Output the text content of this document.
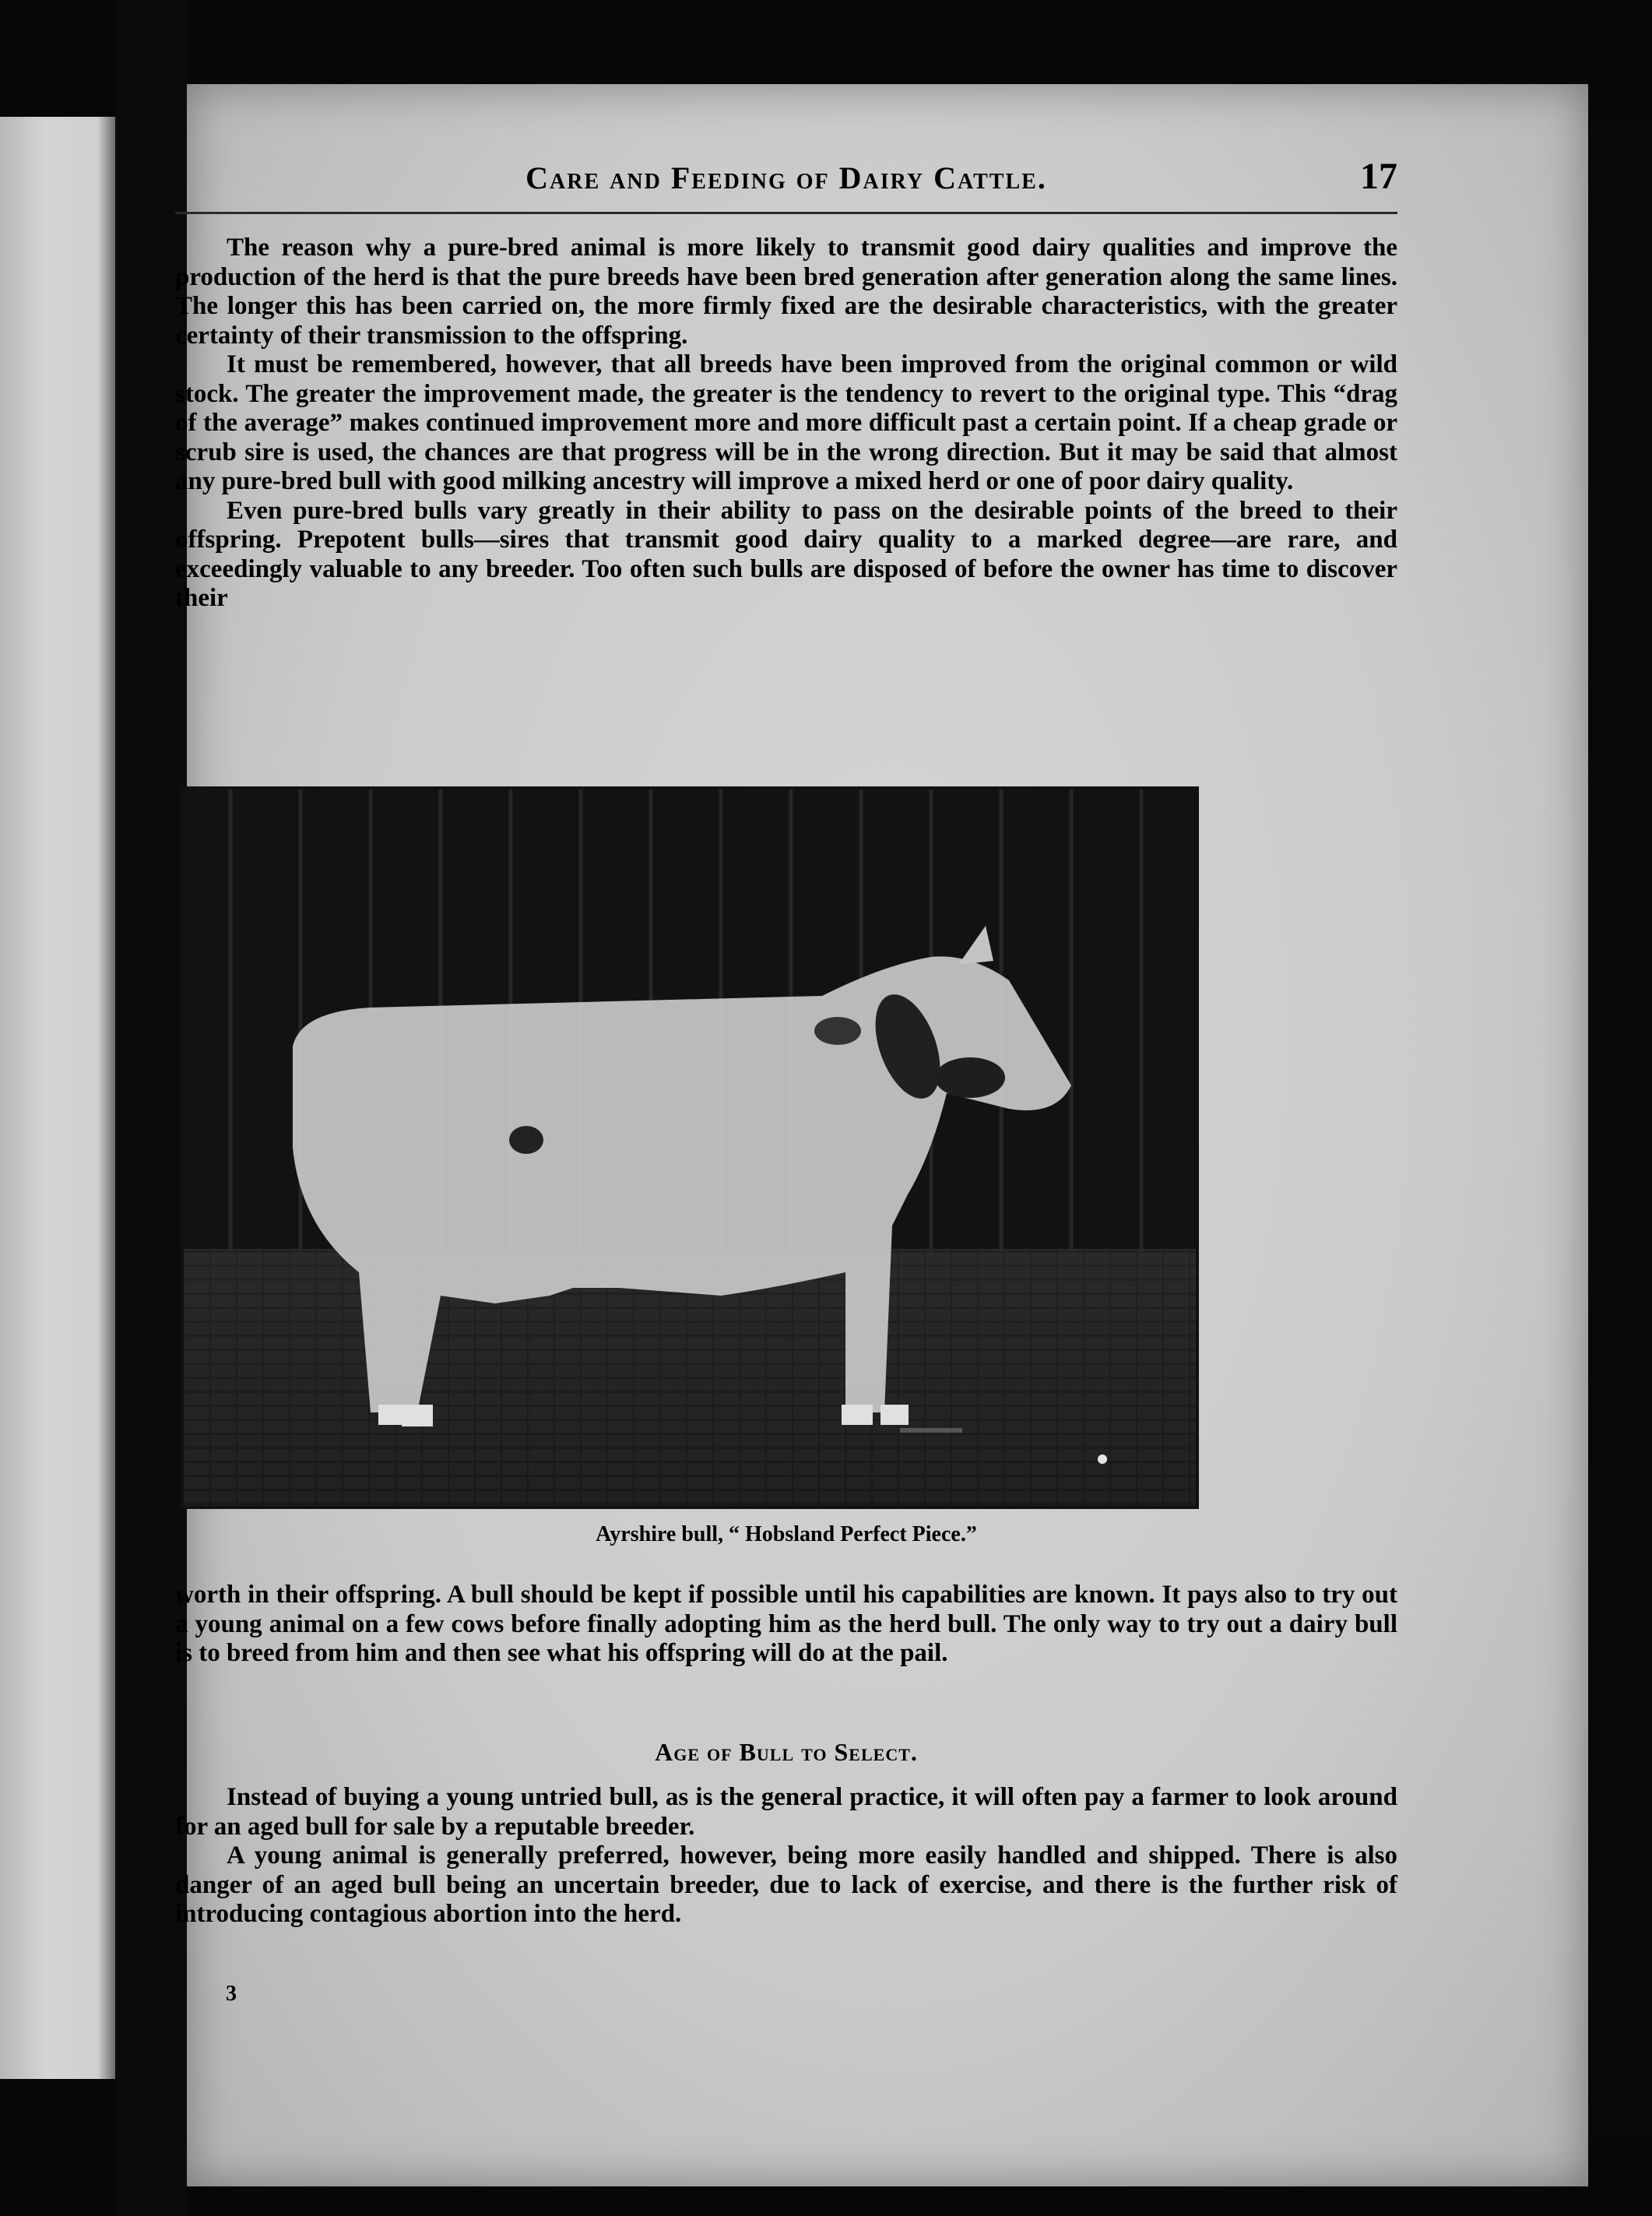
Care and Feeding of Dairy Cattle.	17

The reason why a pure-bred animal is more likely to transmit good dairy qualities and improve the production of the herd is that the pure breeds have been bred generation after generation along the same lines. The longer this has been carried on, the more firmly fixed are the desirable characteristics, with the greater certainty of their transmission to the offspring.

It must be remembered, however, that all breeds have been improved from the original common or wild stock. The greater the improvement made, the greater is the tendency to revert to the original type. This “drag of the average” makes continued improvement more and more difficult past a certain point. If a cheap grade or scrub sire is used, the chances are that progress will be in the wrong direction. But it may be said that almost any pure-bred bull with good milking ancestry will improve a mixed herd or one of poor dairy quality.

Even pure-bred bulls vary greatly in their ability to pass on the desirable points of the breed to their offspring. Prepotent bulls—sires that transmit good dairy quality to a marked degree—are rare, and exceedingly valuable to any breeder. Too often such bulls are disposed of before the owner has time to discover their

Ayrshire bull, “ Hobsland Perfect Piece.”

worth in their offspring. A bull should be kept if possible until his capabilities are known. It pays also to try out a young animal on a few cows before finally adopting him as the herd bull. The only way to try out a dairy bull is to breed from him and then see what his offspring will do at the pail.

Age of Bull to Select.

Instead of buying a young untried bull, as is the general practice, it will often pay a farmer to look around for an aged bull for sale by a reputable breeder.

A young animal is generally preferred, however, being more easily handled and shipped. There is also danger of an aged bull being an uncertain breeder, due to lack of exercise, and there is the further risk of introducing contagious abortion into the herd.

3
